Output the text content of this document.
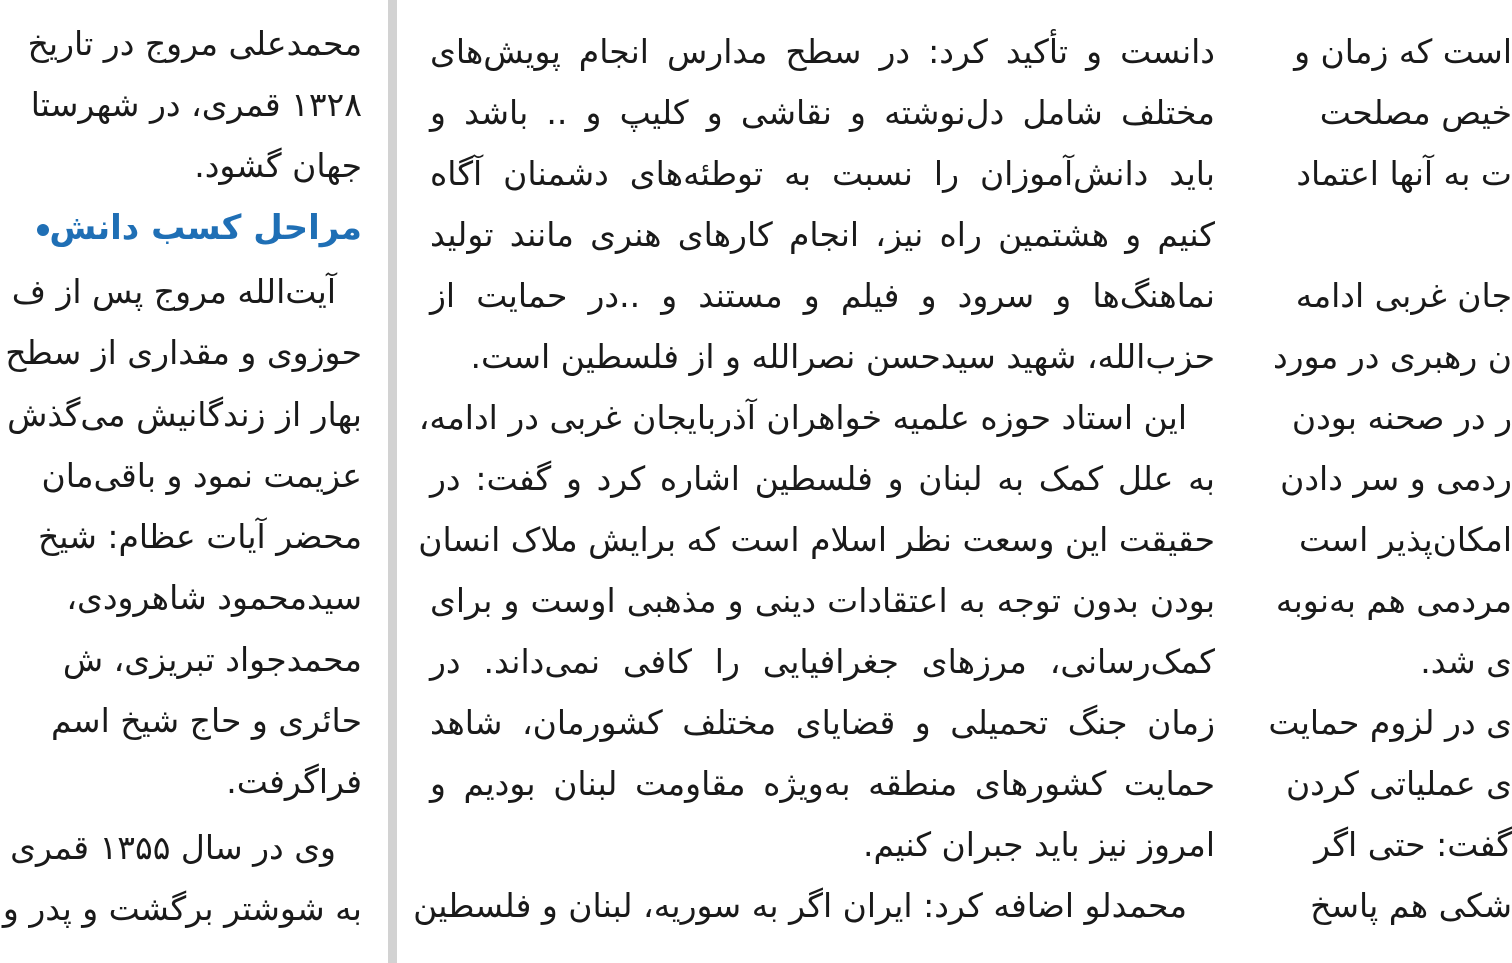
محمدعلی مروج در تاریخ
۱۳۲۸ قمری، در شهرستا
جهان گشود.
مراحل کسب دانش
آیت‌الله مروج پس از ف
حوزوی و مقداری از سطح
بهار از زندگانیش می‌گذش
عزیمت نمود و باقی‌مان
محضر آیات عظام: شیخ
سیدمحمود شاهرودی،
محمدجواد تبریزی، ش
حائری و حاج شیخ اسم
فراگرفت.
وی در سال ۱۳۵۵ قمری
به شوشتر برگشت و پدر و
دانست و تأکید کرد: در سطح مدارس انجام پویش‌های
مختلف شامل دل‌نوشته و نقاشی و کلیپ و .. باشد و
باید دانش‌آموزان را نسبت به توطئه‌های دشمنان آگاه
کنیم و هشتمین راه نیز، انجام کارهای هنری مانند تولید
نماهنگ‌ها و سرود و فیلم و مستند و ..در حمایت از
حزب‌الله، شهید سیدحسن نصرالله و از فلسطین است.
این استاد حوزه علمیه خواهران آذربایجان غربی در ادامه،
به علل کمک به لبنان و فلسطین اشاره کرد و گفت: در
حقیقت این وسعت نظر اسلام است که برایش ملاک انسان
بودن بدون توجه به اعتقادات دینی و مذهبی اوست و برای
کمک‌رسانی، مرزهای جغرافیایی را کافی نمی‌داند. در
زمان جنگ تحمیلی و قضایای مختلف کشورمان، شاهد
حمایت کشورهای منطقه به‌ویژه مقاومت لبنان بودیم و
امروز نیز باید جبران کنیم.
محمدلو اضافه کرد: ایران اگر به سوریه، لبنان و فلسطین
است که زمان و
خیص مصلحت
ت به آنها اعتماد
جان غربی ادامه
ن رهبری در مورد
ر در صحنه بودن
ردمی و سر دادن
امکان‌پذیر است
مردمی هم به‌نوبه
ی شد.
ی در لزوم حمایت
ی عملیاتی کردن
گفت: حتی اگر
شکی هم پاسخ
